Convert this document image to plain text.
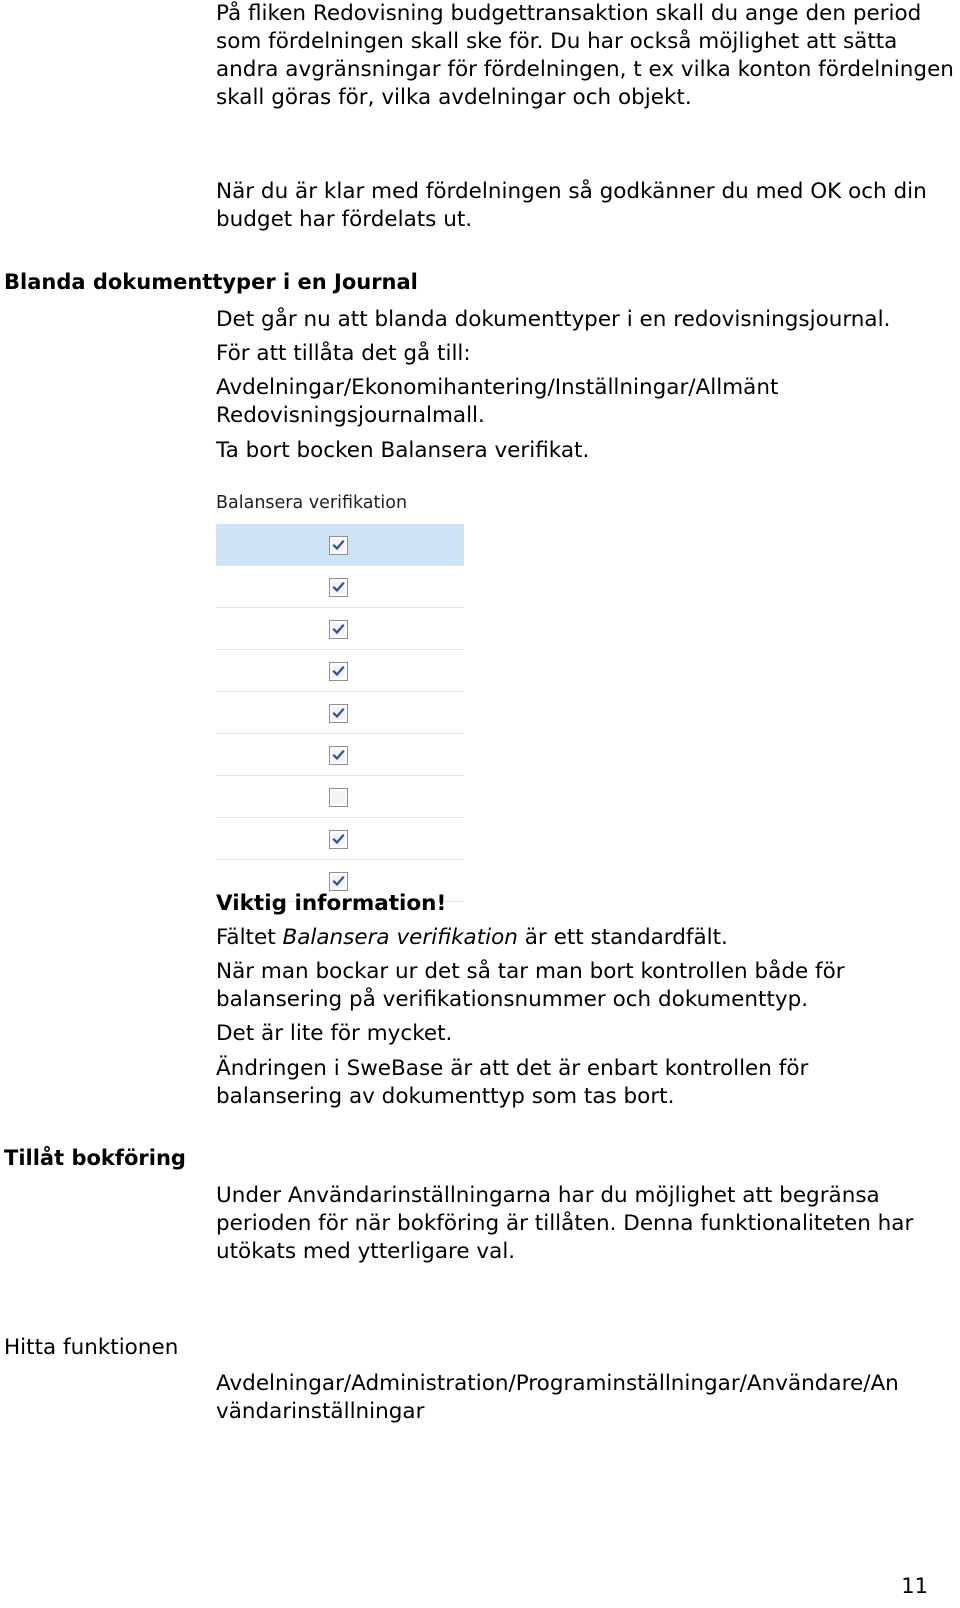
På fliken Redovisning budgettransaktion skall du ange den period som fördelningen skall ske för. Du har också möjlighet att sätta andra avgränsningar för fördelningen, t ex vilka konton fördelningen skall göras för, vilka avdelningar och objekt.

När du är klar med fördelningen så godkänner du med OK och din budget har fördelats ut.

Blanda dokumenttyper i en Journal

Det går nu att blanda dokumenttyper i en redovisningsjournal.

För att tillåta det gå till:

Avdelningar/Ekonomihantering/Inställningar/Allmänt Redovisningsjournalmall.

Ta bort bocken Balansera verifikat.

Balansera verifikation

Viktig information!

Fältet Balansera verifikation är ett standardfält.

När man bockar ur det så tar man bort kontrollen både för balansering på verifikationsnummer och dokumenttyp.

Det är lite för mycket.

Ändringen i SweBase är att det är enbart kontrollen för balansering av dokumenttyp som tas bort.

Tillåt bokföring

Under Användarinställningarna har du möjlighet att begränsa perioden för när bokföring är tillåten. Denna funktionaliteten har utökats med ytterligare val.

Hitta funktionen

Avdelningar/Administration/Programinställningar/Användare/An

vändarinställningar

11
